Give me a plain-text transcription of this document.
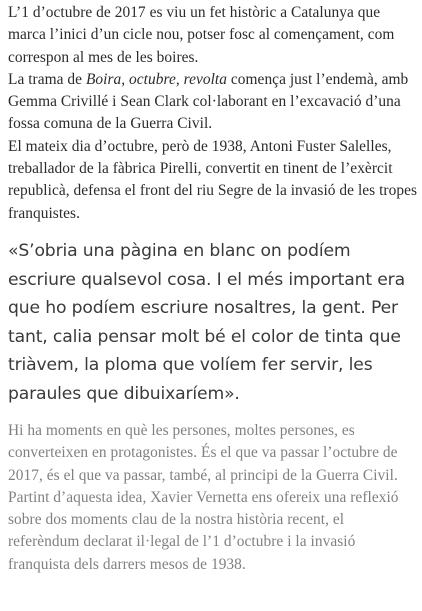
L’1 d’octubre de 2017 es viu un fet històric a Catalunya que marca l’inici d’un cicle nou, potser fosc al començament, com correspon al mes de les boires.

La trama de Boira, octubre, revolta comença just l’endemà, amb Gemma Crivillé i Sean Clark col·laborant en l’excavació d’una fossa comuna de la Guerra Civil.

El mateix dia d’octubre, però de 1938, Antoni Fuster Salelles, treballador de la fàbrica Pirelli, convertit en tinent de l’exèrcit republicà, defensa el front del riu Segre de la invasió de les tropes franquistes.

«S’obria una pàgina en blanc on podíem escriure qualsevol cosa. I el més important era que ho podíem escriure nosaltres, la gent. Per tant, calia pensar molt bé el color de tinta que triàvem, la ploma que volíem fer servir, les paraules que dibuixaríem».

Hi ha moments en què les persones, moltes persones, es converteixen en protagonistes. És el que va passar l’octubre de 2017, és el que va passar, també, al principi de la Guerra Civil.

Partint d’aquesta idea, Xavier Vernetta ens ofereix una reflexió sobre dos moments clau de la nostra història recent, el referèndum declarat il·legal de l’1 d’octubre i la invasió franquista dels darrers mesos de 1938.
